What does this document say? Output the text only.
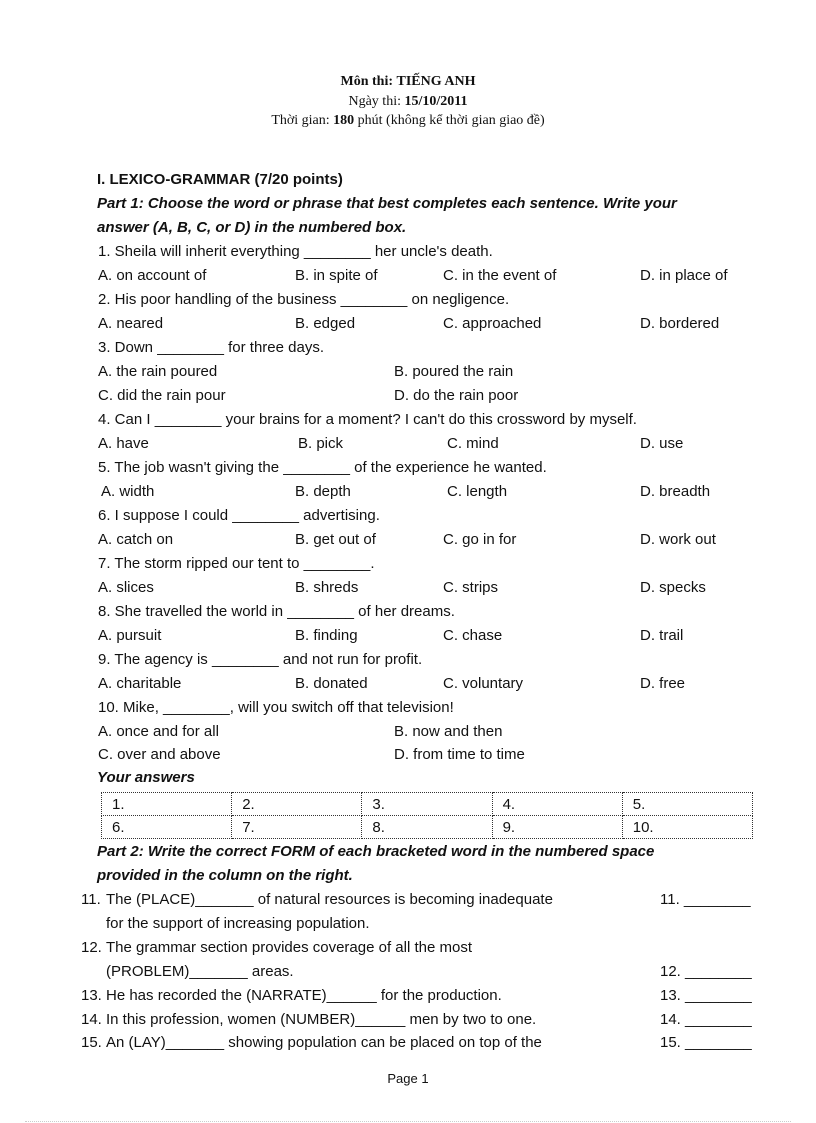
Môn thi: TIẾNG ANH
Ngày thi: 15/10/2011
Thời gian: 180 phút (không kể thời gian giao đề)
I. LEXICO-GRAMMAR (7/20 points)
Part 1: Choose the word or phrase that best completes each sentence. Write your
answer (A, B, C, or D) in the numbered box.
1. Sheila will inherit everything ________ her uncle's death.
A. on account of	B. in spite of	C. in the event of	D. in place of
2. His poor handling of the business ________ on negligence.
A. neared	B. edged	C. approached	D. bordered
3. Down ________ for three days.
A. the rain poured	B. poured the rain
C. did the rain pour	D. do the rain poor
4. Can I ________ your brains for a moment? I can't do this crossword by myself.
A. have	B. pick	C. mind	D. use
5. The job wasn't giving the ________ of the experience he wanted.
A. width	B. depth	C. length	D. breadth
6. I suppose I could ________ advertising.
A. catch on	B. get out of	C. go in for	D. work out
7. The storm ripped our tent to ________.
A. slices	B. shreds	C. strips	D. specks
8. She travelled the world in ________ of her dreams.
A. pursuit	B. finding	C. chase	D. trail
9. The agency is ________ and not run for profit.
A. charitable	B. donated	C. voluntary	D. free
10. Mike, ________, will you switch off that television!
A. once and for all	B. now and then
C. over and above	D. from time to time
Your answers
1.	2.	3.	4.	5.
6.	7.	8.	9.	10.
Part 2: Write the correct FORM of each bracketed word in the numbered space
provided in the column on the right.
11. The (PLACE)_______ of natural resources is becoming inadequate	11. ________
for the support of increasing population.
12. The grammar section provides coverage of all the most
(PROBLEM)_______ areas.	12. ________
13. He has recorded the (NARRATE)______ for the production.	13. ________
14. In this profession, women (NUMBER)______ men by two to one.	14. ________
15. An (LAY)_______ showing population can be placed on top of the	15. ________
Page 1
